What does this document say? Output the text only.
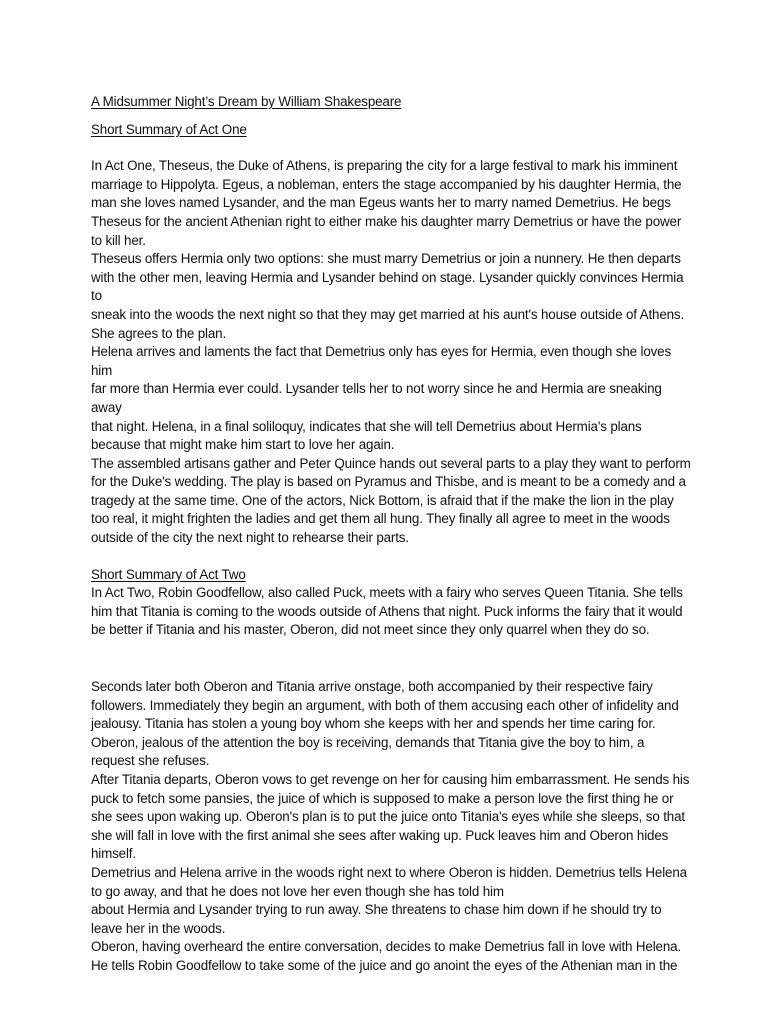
A Midsummer Night’s Dream by William Shakespeare

Short Summary of Act One

In Act One, Theseus, the Duke of Athens, is preparing the city for a large festival to mark his imminent
marriage to Hippolyta. Egeus, a nobleman, enters the stage accompanied by his daughter Hermia, the
man she loves named Lysander, and the man Egeus wants her to marry named Demetrius. He begs
Theseus for the ancient Athenian right to either make his daughter marry Demetrius or have the power
to kill her.

Theseus offers Hermia only two options: she must marry Demetrius or join a nunnery. He then departs
with the other men, leaving Hermia and Lysander behind on stage. Lysander quickly convinces Hermia to
sneak into the woods the next night so that they may get married at his aunt's house outside of Athens.
She agrees to the plan.

Helena arrives and laments the fact that Demetrius only has eyes for Hermia, even though she loves him
far more than Hermia ever could. Lysander tells her to not worry since he and Hermia are sneaking away
that night. Helena, in a final soliloquy, indicates that she will tell Demetrius about Hermia's plans
because that might make him start to love her again.

The assembled artisans gather and Peter Quince hands out several parts to a play they want to perform
for the Duke's wedding. The play is based on Pyramus and Thisbe, and is meant to be a comedy and a
tragedy at the same time. One of the actors, Nick Bottom, is afraid that if the make the lion in the play
too real, it might frighten the ladies and get them all hung. They finally all agree to meet in the woods
outside of the city the next night to rehearse their parts.

Short Summary of Act Two

In Act Two, Robin Goodfellow, also called Puck, meets with a fairy who serves Queen Titania. She tells
him that Titania is coming to the woods outside of Athens that night. Puck informs the fairy that it would
be better if Titania and his master, Oberon, did not meet since they only quarrel when they do so.

Seconds later both Oberon and Titania arrive onstage, both accompanied by their respective fairy
followers. Immediately they begin an argument, with both of them accusing each other of infidelity and
jealousy. Titania has stolen a young boy whom she keeps with her and spends her time caring for.
Oberon, jealous of the attention the boy is receiving, demands that Titania give the boy to him, a
request she refuses.

After Titania departs, Oberon vows to get revenge on her for causing him embarrassment. He sends his
puck to fetch some pansies, the juice of which is supposed to make a person love the first thing he or
she sees upon waking up. Oberon's plan is to put the juice onto Titania's eyes while she sleeps, so that
she will fall in love with the first animal she sees after waking up. Puck leaves him and Oberon hides
himself.

Demetrius and Helena arrive in the woods right next to where Oberon is hidden. Demetrius tells Helena
to go away, and that he does not love her even though she has told him
about Hermia and Lysander trying to run away. She threatens to chase him down if he should try to
leave her in the woods.

Oberon, having overheard the entire conversation, decides to make Demetrius fall in love with Helena.
He tells Robin Goodfellow to take some of the juice and go anoint the eyes of the Athenian man in the
